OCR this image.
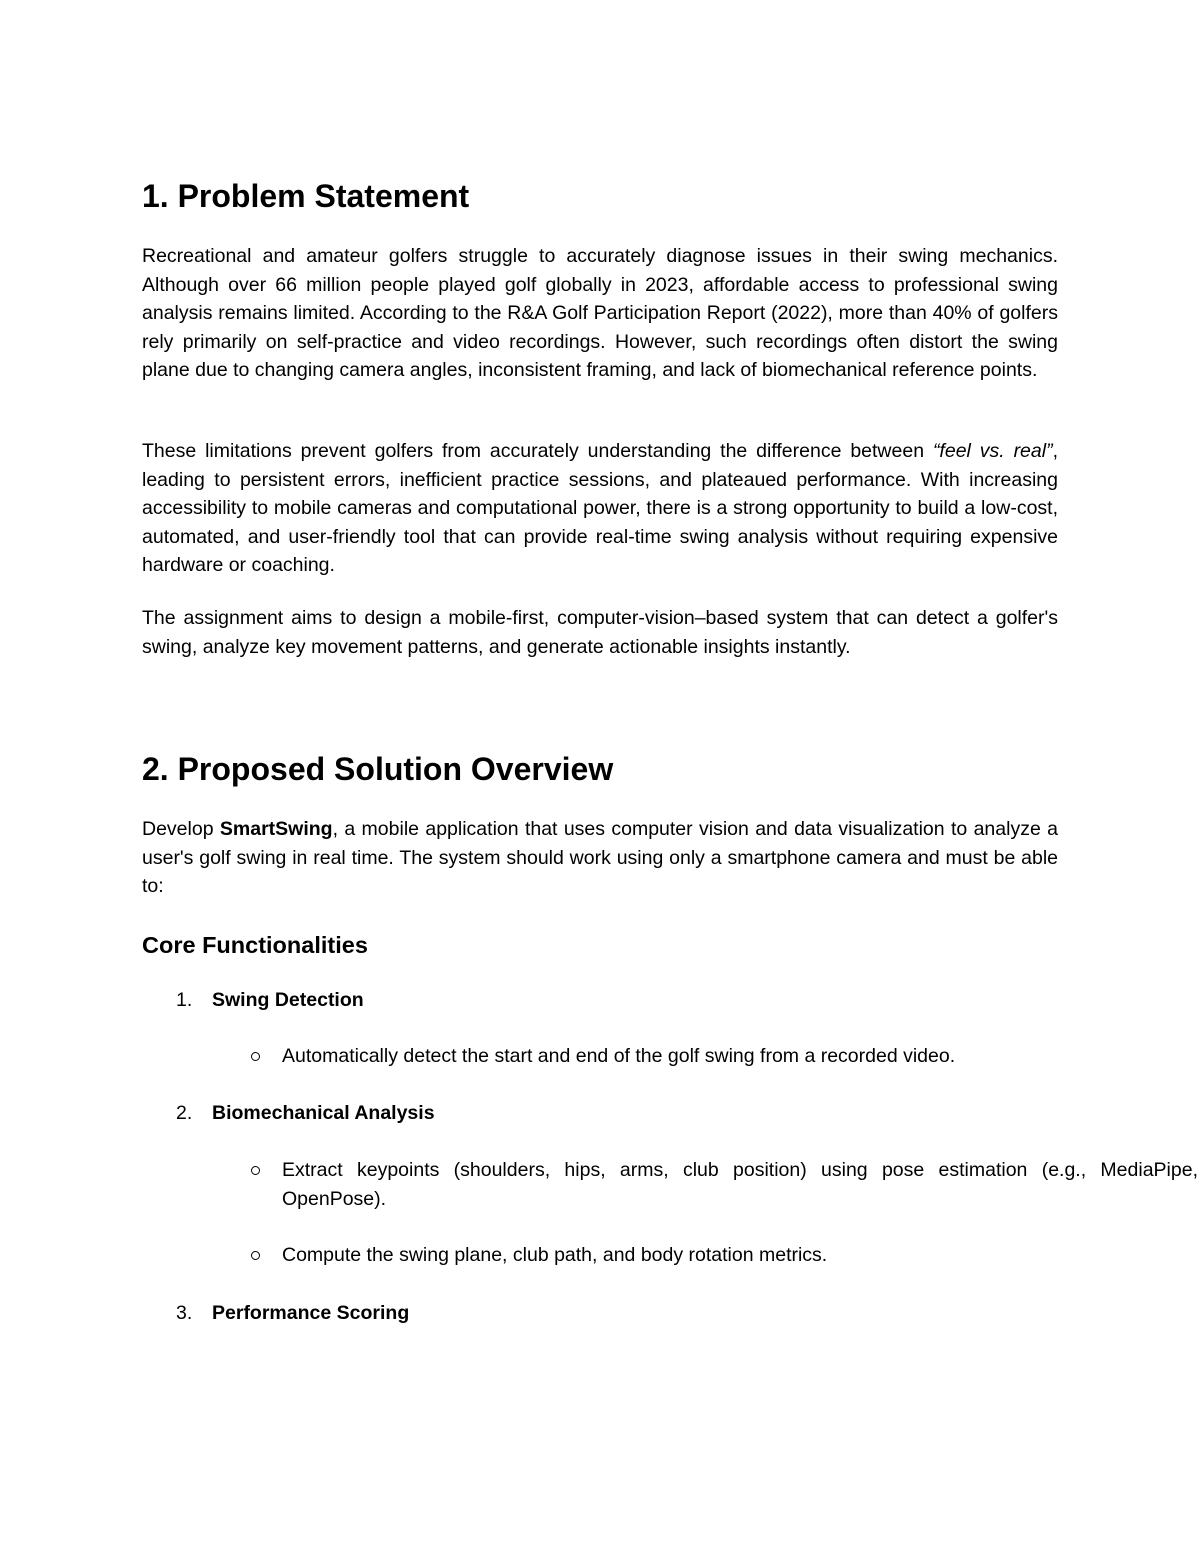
1. Problem Statement

Recreational and amateur golfers struggle to accurately diagnose issues in their swing mechanics. Although over 66 million people played golf globally in 2023, affordable access to professional swing analysis remains limited. According to the R&A Golf Participation Report (2022), more than 40% of golfers rely primarily on self-practice and video recordings. However, such recordings often distort the swing plane due to changing camera angles, inconsistent framing, and lack of biomechanical reference points.

These limitations prevent golfers from accurately understanding the difference between “feel vs. real”, leading to persistent errors, inefficient practice sessions, and plateaued performance. With increasing accessibility to mobile cameras and computational power, there is a strong opportunity to build a low-cost, automated, and user-friendly tool that can provide real-time swing analysis without requiring expensive hardware or coaching.

The assignment aims to design a mobile-first, computer-vision–based system that can detect a golfer's swing, analyze key movement patterns, and generate actionable insights instantly.

2. Proposed Solution Overview

Develop SmartSwing, a mobile application that uses computer vision and data visualization to analyze a user's golf swing in real time. The system should work using only a smartphone camera and must be able to:

Core Functionalities
1. Swing Detection
Automatically detect the start and end of the golf swing from a recorded video.
2. Biomechanical Analysis
Extract keypoints (shoulders, hips, arms, club position) using pose estimation (e.g., MediaPipe, OpenPose).
Compute the swing plane, club path, and body rotation metrics.
3. Performance Scoring
